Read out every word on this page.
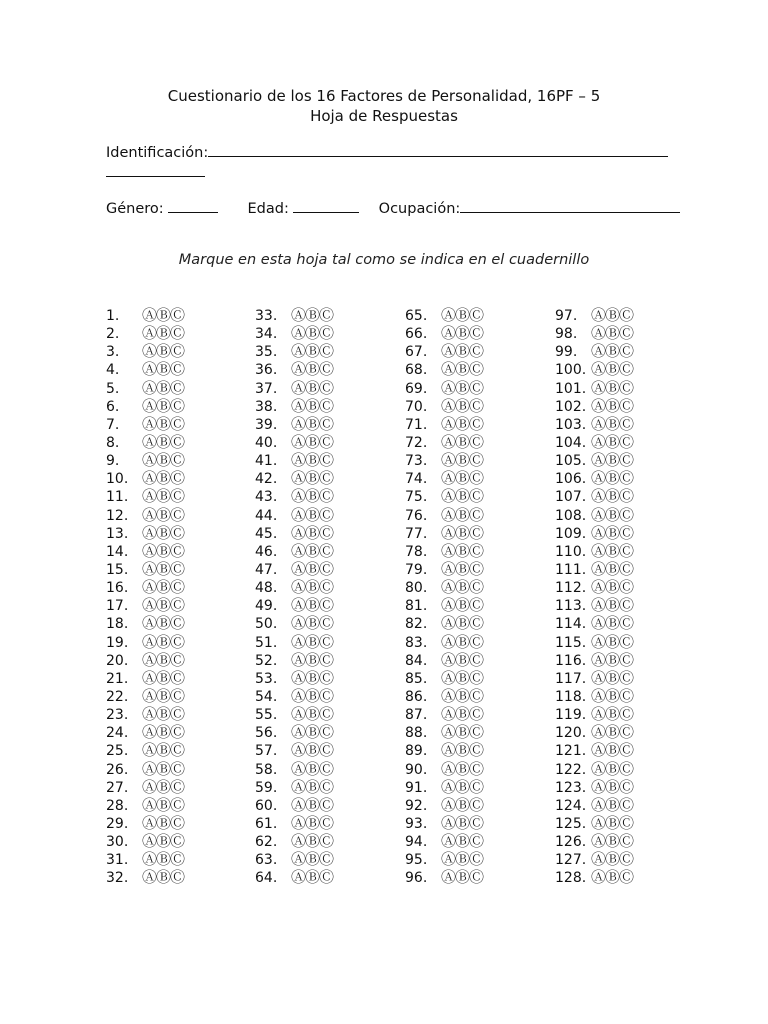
Cuestionario de los 16 Factores de Personalidad, 16PF – 5
Hoja de Respuestas
Identificación:
Género:	Edad:	Ocupación:
Marque en esta hoja tal como se indica en el cuadernillo
1. ⒶⒷⒸ
2. ⒶⒷⒸ
3. ⒶⒷⒸ
4. ⒶⒷⒸ
5. ⒶⒷⒸ
6. ⒶⒷⒸ
7. ⒶⒷⒸ
8. ⒶⒷⒸ
9. ⒶⒷⒸ
10. ⒶⒷⒸ
11. ⒶⒷⒸ
12. ⒶⒷⒸ
13. ⒶⒷⒸ
14. ⒶⒷⒸ
15. ⒶⒷⒸ
16. ⒶⒷⒸ
17. ⒶⒷⒸ
18. ⒶⒷⒸ
19. ⒶⒷⒸ
20. ⒶⒷⒸ
21. ⒶⒷⒸ
22. ⒶⒷⒸ
23. ⒶⒷⒸ
24. ⒶⒷⒸ
25. ⒶⒷⒸ
26. ⒶⒷⒸ
27. ⒶⒷⒸ
28. ⒶⒷⒸ
29. ⒶⒷⒸ
30. ⒶⒷⒸ
31. ⒶⒷⒸ
32. ⒶⒷⒸ
33. ⒶⒷⒸ
34. ⒶⒷⒸ
35. ⒶⒷⒸ
36. ⒶⒷⒸ
37. ⒶⒷⒸ
38. ⒶⒷⒸ
39. ⒶⒷⒸ
40. ⒶⒷⒸ
41. ⒶⒷⒸ
42. ⒶⒷⒸ
43. ⒶⒷⒸ
44. ⒶⒷⒸ
45. ⒶⒷⒸ
46. ⒶⒷⒸ
47. ⒶⒷⒸ
48. ⒶⒷⒸ
49. ⒶⒷⒸ
50. ⒶⒷⒸ
51. ⒶⒷⒸ
52. ⒶⒷⒸ
53. ⒶⒷⒸ
54. ⒶⒷⒸ
55. ⒶⒷⒸ
56. ⒶⒷⒸ
57. ⒶⒷⒸ
58. ⒶⒷⒸ
59. ⒶⒷⒸ
60. ⒶⒷⒸ
61. ⒶⒷⒸ
62. ⒶⒷⒸ
63. ⒶⒷⒸ
64. ⒶⒷⒸ
65. ⒶⒷⒸ
66. ⒶⒷⒸ
67. ⒶⒷⒸ
68. ⒶⒷⒸ
69. ⒶⒷⒸ
70. ⒶⒷⒸ
71. ⒶⒷⒸ
72. ⒶⒷⒸ
73. ⒶⒷⒸ
74. ⒶⒷⒸ
75. ⒶⒷⒸ
76. ⒶⒷⒸ
77. ⒶⒷⒸ
78. ⒶⒷⒸ
79. ⒶⒷⒸ
80. ⒶⒷⒸ
81. ⒶⒷⒸ
82. ⒶⒷⒸ
83. ⒶⒷⒸ
84. ⒶⒷⒸ
85. ⒶⒷⒸ
86. ⒶⒷⒸ
87. ⒶⒷⒸ
88. ⒶⒷⒸ
89. ⒶⒷⒸ
90. ⒶⒷⒸ
91. ⒶⒷⒸ
92. ⒶⒷⒸ
93. ⒶⒷⒸ
94. ⒶⒷⒸ
95. ⒶⒷⒸ
96. ⒶⒷⒸ
97. ⒶⒷⒸ
98. ⒶⒷⒸ
99. ⒶⒷⒸ
100. ⒶⒷⒸ
101. ⒶⒷⒸ
102. ⒶⒷⒸ
103. ⒶⒷⒸ
104. ⒶⒷⒸ
105. ⒶⒷⒸ
106. ⒶⒷⒸ
107. ⒶⒷⒸ
108. ⒶⒷⒸ
109. ⒶⒷⒸ
110. ⒶⒷⒸ
111. ⒶⒷⒸ
112. ⒶⒷⒸ
113. ⒶⒷⒸ
114. ⒶⒷⒸ
115. ⒶⒷⒸ
116. ⒶⒷⒸ
117. ⒶⒷⒸ
118. ⒶⒷⒸ
119. ⒶⒷⒸ
120. ⒶⒷⒸ
121. ⒶⒷⒸ
122. ⒶⒷⒸ
123. ⒶⒷⒸ
124. ⒶⒷⒸ
125. ⒶⒷⒸ
126. ⒶⒷⒸ
127. ⒶⒷⒸ
128. ⒶⒷⒸ
